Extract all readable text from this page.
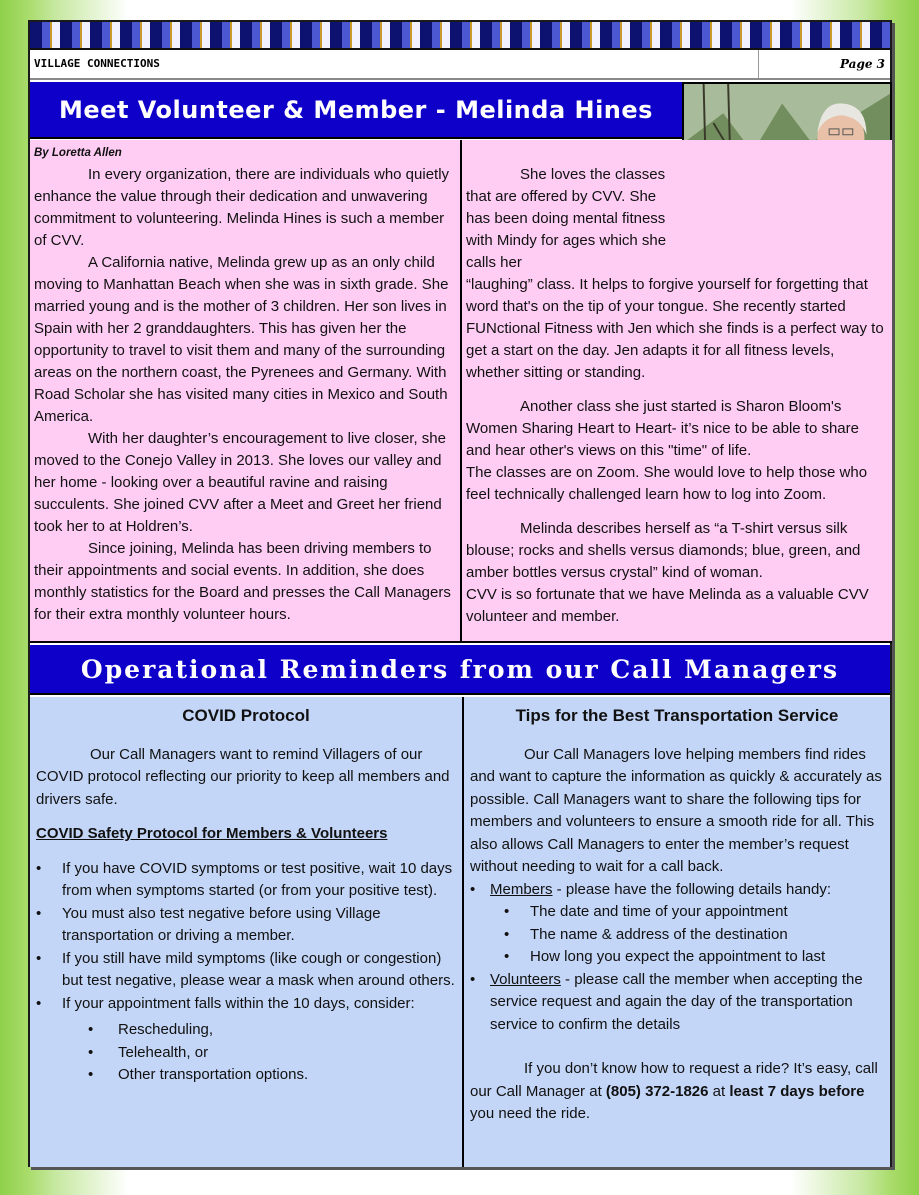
VILLAGE CONNECTIONS	Page 3
Meet Volunteer & Member - Melinda Hines
By Loretta Allen

In every organization, there are individuals who quietly enhance the value through their dedication and unwavering commitment to volunteering. Melinda Hines is such a member of CVV.

A California native, Melinda grew up as an only child moving to Manhattan Beach when she was in sixth grade. She married young and is the mother of 3 children. Her son lives in Spain with her 2 granddaughters. This has given her the opportunity to travel to visit them and many of the surrounding areas on the northern coast, the Pyrenees and Germany. With Road Scholar she has visited many cities in Mexico and South America.

With her daughter’s encouragement to live closer, she moved to the Conejo Valley in 2013. She loves our valley and her home - looking over a beautiful ravine and raising succulents. She joined CVV after a Meet and Greet her friend took her to at Holdren’s.

Since joining, Melinda has been driving members to their appointments and social events. In addition, she does monthly statistics for the Board and presses the Call Managers for their extra monthly volunteer hours.

She loves the classes that are offered by CVV. She has been doing mental fitness with Mindy for ages which she calls her

“laughing” class. It helps to forgive yourself for forgetting that word that's on the tip of your tongue. She recently started FUNctional Fitness with Jen which she finds is a perfect way to get a start on the day. Jen adapts it for all fitness levels, whether sitting or standing.

Another class she just started is Sharon Bloom's Women Sharing Heart to Heart- it’s nice to be able to share and hear other's views on this "time" of life.

The classes are on Zoom. She would love to help those who feel technically challenged learn how to log into Zoom.

Melinda describes herself as “a T-shirt versus silk blouse; rocks and shells versus diamonds; blue, green, and amber bottles versus crystal” kind of woman.

CVV is so fortunate that we have Melinda as a valuable CVV volunteer and member.

Operational Reminders from our Call Managers
COVID Protocol

Our Call Managers want to remind Villagers of our COVID protocol reflecting our priority to keep all members and drivers safe.

COVID Safety Protocol for Members & Volunteers
•	If you have COVID symptoms or test positive, wait 10 days from when symptoms started (or from your positive test).
•	You must also test negative before using Village transportation or driving a member.
•	If you still have mild symptoms (like cough or congestion) but test negative, please wear a mask when around others.
•	If your appointment falls within the 10 days, consider:
•	Rescheduling,
•	Telehealth, or
•	Other transportation options.
Tips for the Best Transportation Service

Our Call Managers love helping members find rides and want to capture the information as quickly & accurately as possible. Call Managers want to share the following tips for members and volunteers to ensure a smooth ride for all. This also allows Call Managers to enter the member’s request without needing to wait for a call back.

• Members - please have the following details handy:
•	The date and time of your appointment
•	The name & address of the destination
•	How long you expect the appointment to last
• Volunteers - please call the member when accepting the service request and again the day of the transportation service to confirm the details

If you don’t know how to request a ride? It’s easy, call our Call Manager at (805) 372-1826 at least 7 days before you need the ride.
